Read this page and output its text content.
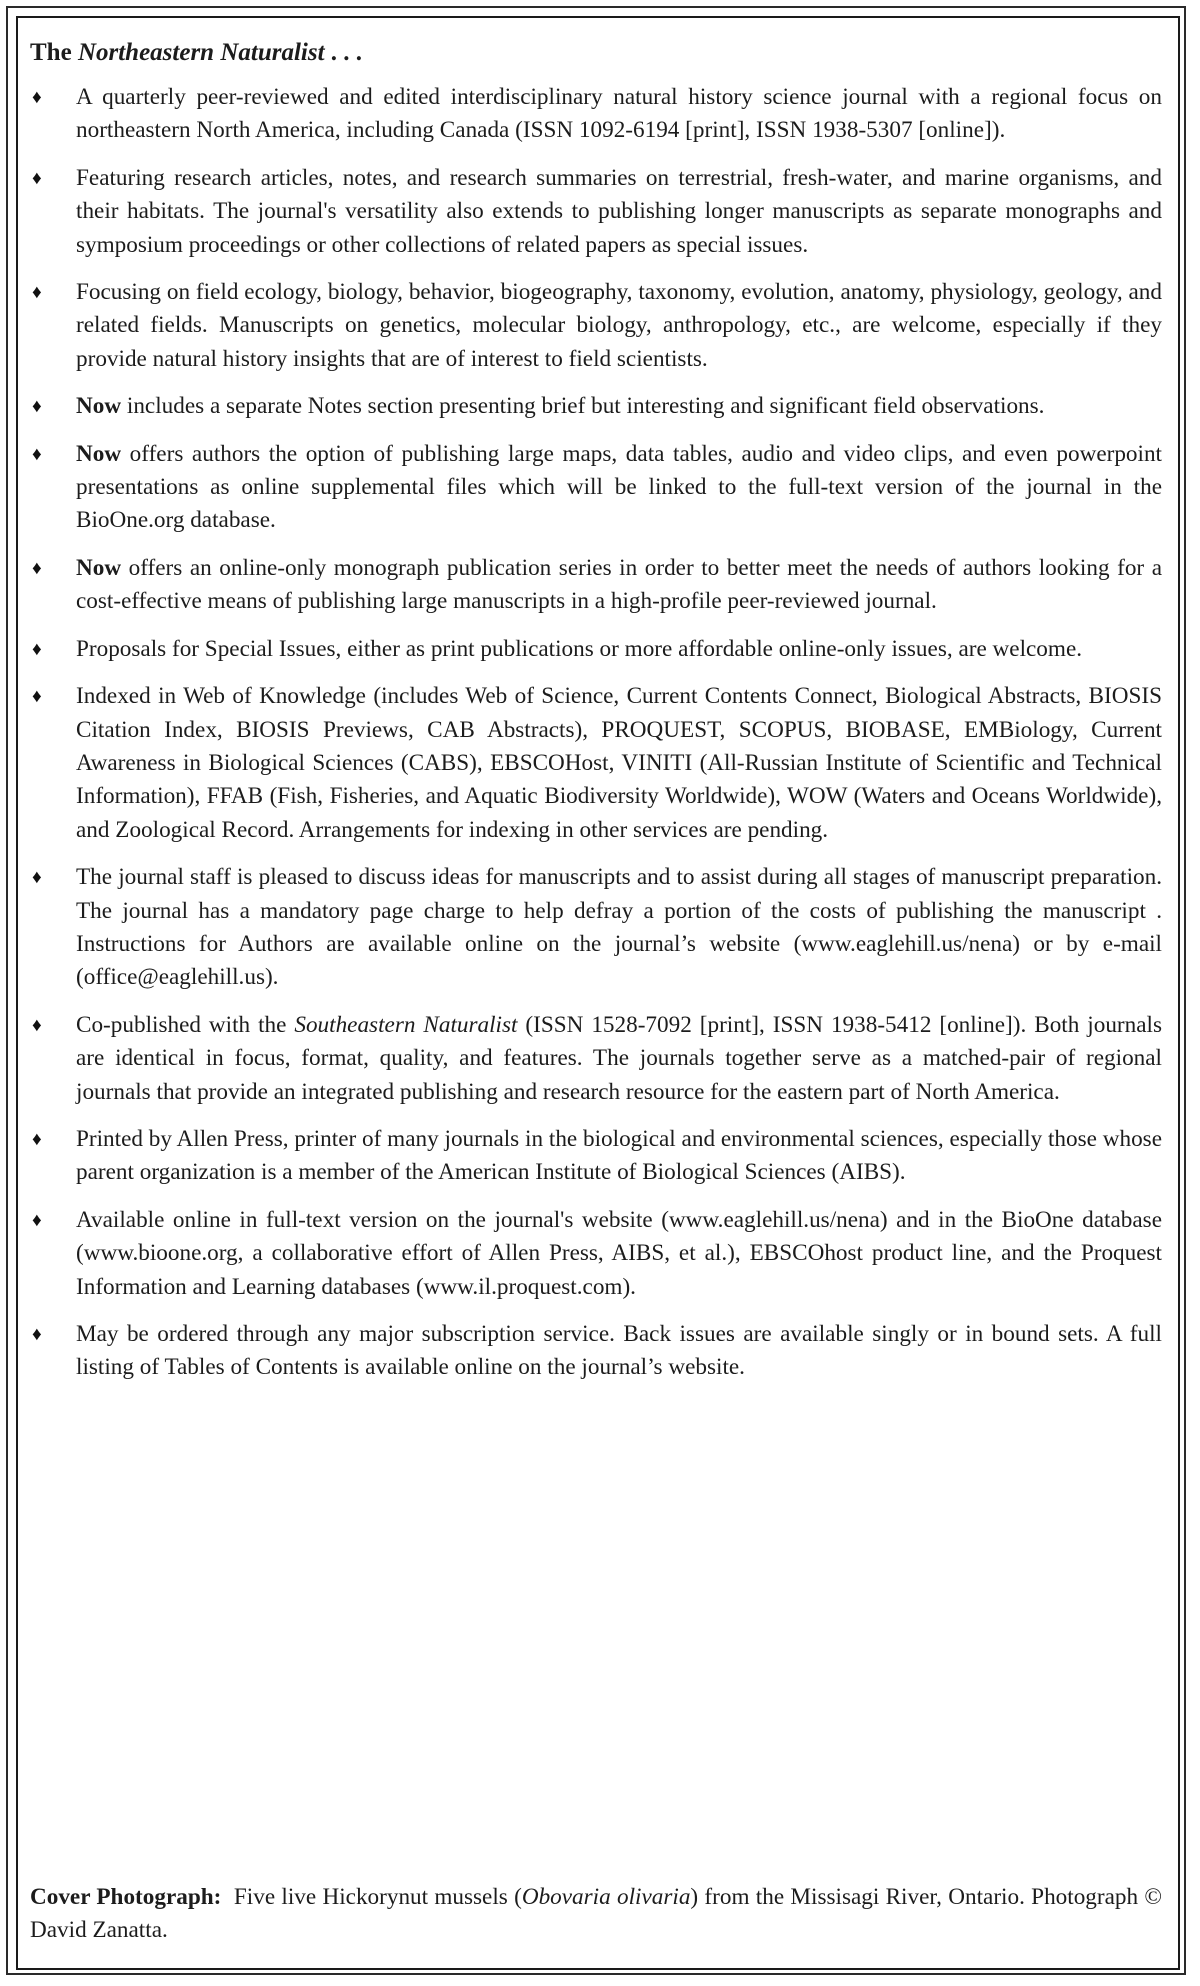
The Northeastern Naturalist . . .
♦ A quarterly peer-reviewed and edited interdisciplinary natural history science journal with a regional focus on northeastern North America, including Canada (ISSN 1092-6194 [print], ISSN 1938-5307 [online]).
♦ Featuring research articles, notes, and research summaries on terrestrial, fresh-water, and marine organisms, and their habitats. The journal's versatility also extends to publishing longer manuscripts as separate monographs and symposium proceedings or other collections of related papers as special issues.
♦ Focusing on field ecology, biology, behavior, biogeography, taxonomy, evolution, anatomy, physiology, geology, and related fields. Manuscripts on genetics, molecular biology, anthropology, etc., are welcome, especially if they provide natural history insights that are of interest to field scientists.
♦ Now includes a separate Notes section presenting brief but interesting and significant field observations.
♦ Now offers authors the option of publishing large maps, data tables, audio and video clips, and even powerpoint presentations as online supplemental files which will be linked to the full-text version of the journal in the BioOne.org database.
♦ Now offers an online-only monograph publication series in order to better meet the needs of authors looking for a cost-effective means of publishing large manuscripts in a high-profile peer-reviewed journal.
♦ Proposals for Special Issues, either as print publications or more affordable online-only issues, are welcome.
♦ Indexed in Web of Knowledge (includes Web of Science, Current Contents Connect, Biological Abstracts, BIOSIS Citation Index, BIOSIS Previews, CAB Abstracts), PROQUEST, SCOPUS, BIOBASE, EMBiology, Current Awareness in Biological Sciences (CABS), EBSCOHost, VINITI (All-Russian Institute of Scientific and Technical Information), FFAB (Fish, Fisheries, and Aquatic Biodiversity Worldwide), WOW (Waters and Oceans Worldwide), and Zoological Record. Arrangements for indexing in other services are pending.
♦ The journal staff is pleased to discuss ideas for manuscripts and to assist during all stages of manuscript preparation. The journal has a mandatory page charge to help defray a portion of the costs of publishing the manuscript . Instructions for Authors are available online on the journal’s website (www.eaglehill.us/nena) or by e-mail (office@eaglehill.us).
♦ Co-published with the Southeastern Naturalist (ISSN 1528-7092 [print], ISSN 1938-5412 [online]). Both journals are identical in focus, format, quality, and features. The journals together serve as a matched-pair of regional journals that provide an integrated publishing and research resource for the eastern part of North America.
♦ Printed by Allen Press, printer of many journals in the biological and environmental sciences, especially those whose parent organization is a member of the American Institute of Biological Sciences (AIBS).
♦ Available online in full-text version on the journal's website (www.eaglehill.us/nena) and in the BioOne database (www.bioone.org, a collaborative effort of Allen Press, AIBS, et al.), EBSCOhost product line, and the Proquest Information and Learning databases (www.il.proquest.com).
♦ May be ordered through any major subscription service. Back issues are available singly or in bound sets. A full listing of Tables of Contents is available online on the journal’s website.
Cover Photograph:  Five live Hickorynut mussels (Obovaria olivaria) from the Missisagi River, Ontario. Photograph © David Zanatta.
